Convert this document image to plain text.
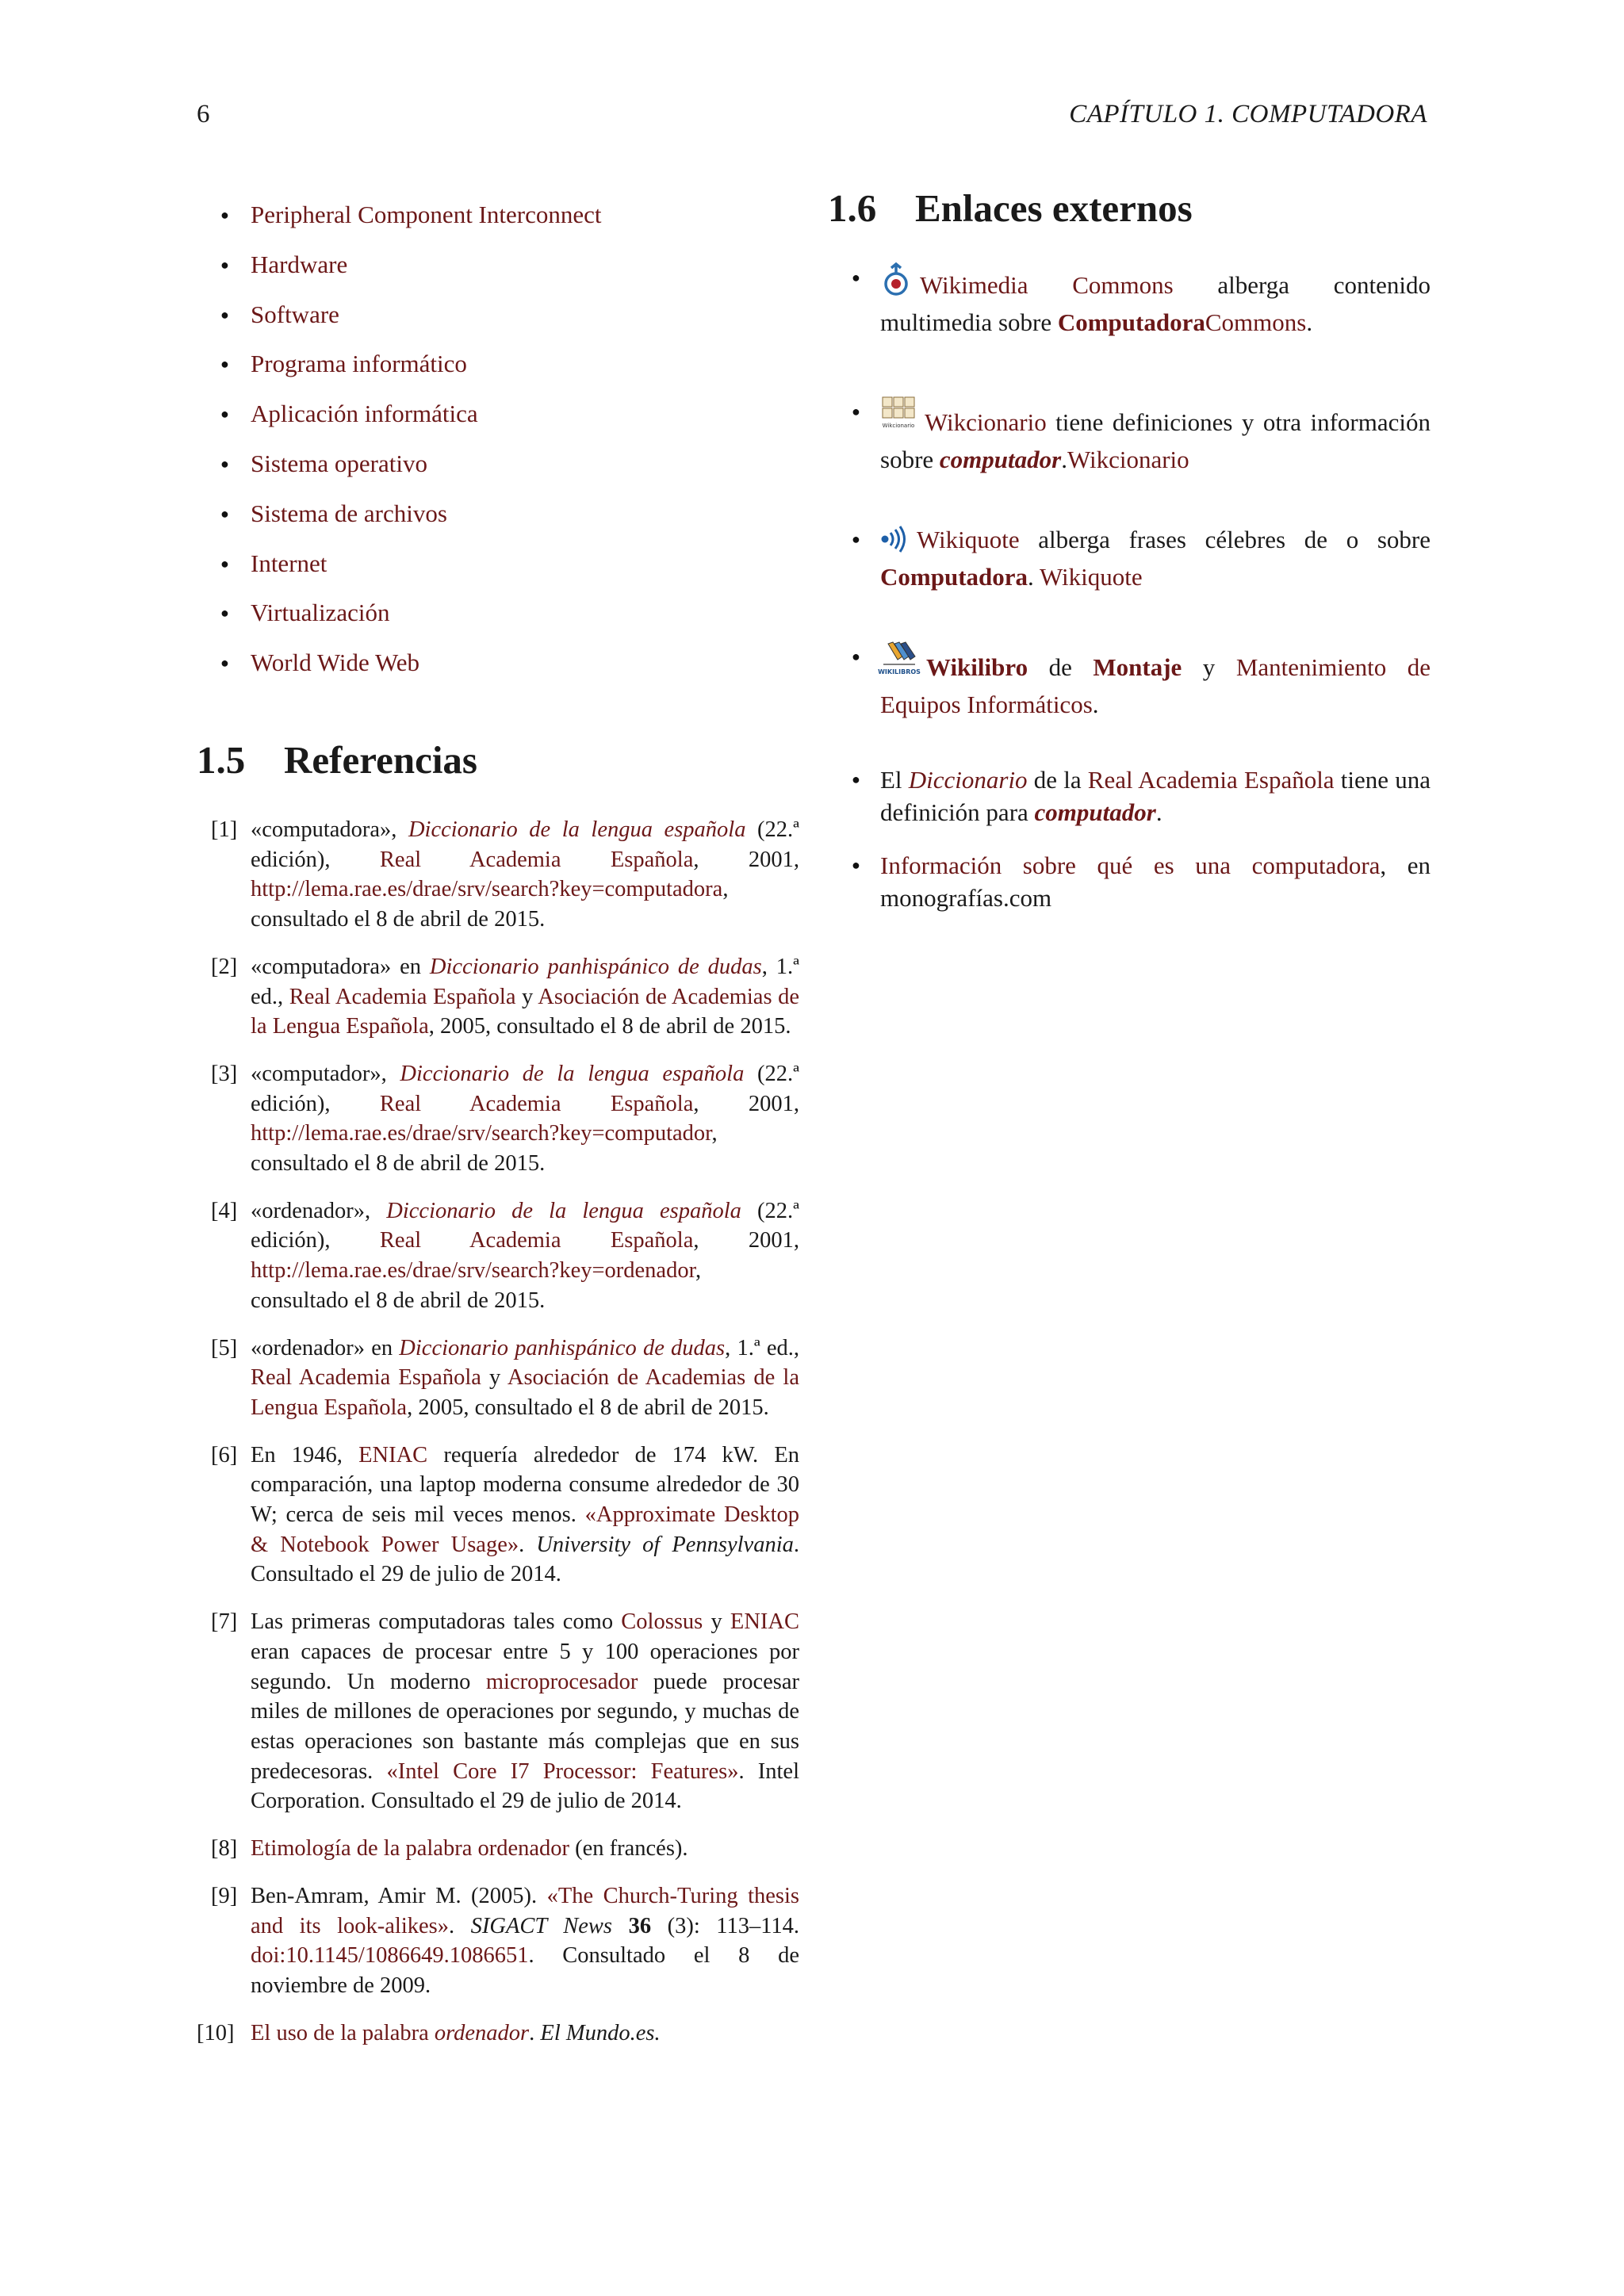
6	CAPÍTULO 1. COMPUTADORA
● Peripheral Component Interconnect
● Hardware
● Software
● Programa informático
● Aplicación informática
● Sistema operativo
● Sistema de archivos
● Internet
● Virtualización
● World Wide Web
1.5 Referencias
[1] «computadora», Diccionario de la lengua española (22.ª edición), Real Academia Española, 2001, http://lema.rae.es/drae/srv/search?key=computadora, consultado el 8 de abril de 2015.
[2] «computadora» en Diccionario panhispánico de dudas, 1.ª ed., Real Academia Española y Asociación de Academias de la Lengua Española, 2005, consultado el 8 de abril de 2015.
[3] «computador», Diccionario de la lengua española (22.ª edición), Real Academia Española, 2001, http://lema.rae.es/drae/srv/search?key=computador, consultado el 8 de abril de 2015.
[4] «ordenador», Diccionario de la lengua española (22.ª edición), Real Academia Española, 2001, http://lema.rae.es/drae/srv/search?key=ordenador, consultado el 8 de abril de 2015.
[5] «ordenador» en Diccionario panhispánico de dudas, 1.ª ed., Real Academia Española y Asociación de Academias de la Lengua Española, 2005, consultado el 8 de abril de 2015.
[6] En 1946, ENIAC requería alrededor de 174 kW. En comparación, una laptop moderna consume alrededor de 30 W; cerca de seis mil veces menos. «Approximate Desktop & Notebook Power Usage». University of Pennsylvania. Consultado el 29 de julio de 2014.
[7] Las primeras computadoras tales como Colossus y ENIAC eran capaces de procesar entre 5 y 100 operaciones por segundo. Un moderno microprocesador puede procesar miles de millones de operaciones por segundo, y muchas de estas operaciones son bastante más complejas que en sus predecesoras. «Intel Core I7 Processor: Features». Intel Corporation. Consultado el 29 de julio de 2014.
[8] Etimología de la palabra ordenador (en francés).
[9] Ben-Amram, Amir M. (2005). «The Church-Turing thesis and its look-alikes». SIGACT News 36 (3): 113–114. doi:10.1145/1086649.1086651. Consultado el 8 de noviembre de 2009.
[10] El uso de la palabra ordenador. El Mundo.es.
1.6 Enlaces externos
● Wikimedia Commons alberga contenido multimedia sobre ComputadoraCommons.
● Wikcionario Wikcionario tiene definiciones y otra información sobre computador.Wikcionario
● Wikiquote alberga frases célebres de o sobre Computadora. Wikiquote
● WIKILIBROS Wikilibro de Montaje y Mantenimiento de Equipos Informáticos.
● El Diccionario de la Real Academia Española tiene una definición para computador.
● Información sobre qué es una computadora, en monografías.com
